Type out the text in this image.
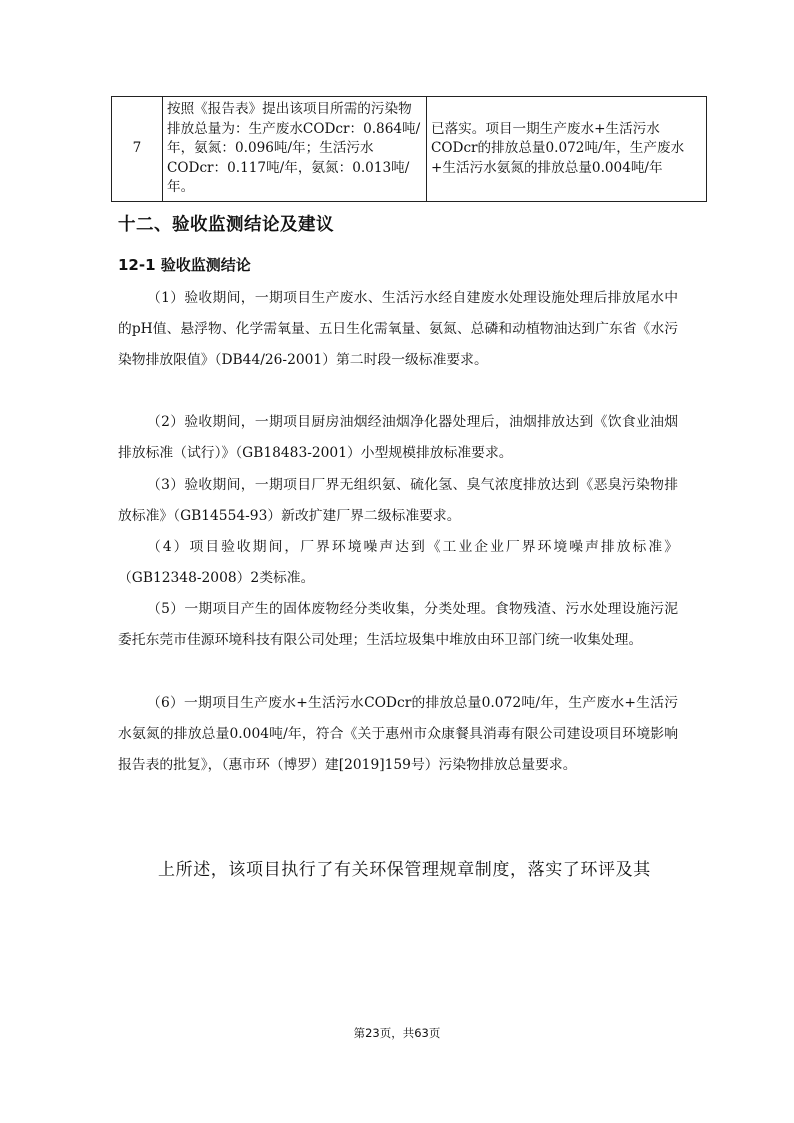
7	按照《报告表》提出该项目所需的污染物排放总量为：生产废水CODcr：0.864吨/年，氨氮：0.096吨/年；生活污水CODcr：0.117吨/年，氨氮：0.013吨/年。	已落实。项目一期生产废水+生活污水CODcr的排放总量0.072吨/年，生产废水+生活污水氨氮的排放总量0.004吨/年
十二、验收监测结论及建议
12-1 验收监测结论

（1）验收期间，一期项目生产废水、生活污水经自建废水处理设施处理后排放尾水中的pH值、悬浮物、化学需氧量、五日生化需氧量、氨氮、总磷和动植物油达到广东省《水污染物排放限值》（DB44/26-2001）第二时段一级标准要求。

（2）验收期间，一期项目厨房油烟经油烟净化器处理后，油烟排放达到《饮食业油烟排放标准（试行）》（GB18483-2001）小型规模排放标准要求。

（3）验收期间，一期项目厂界无组织氨、硫化氢、臭气浓度排放达到《恶臭污染物排放标准》（GB14554-93）新改扩建厂界二级标准要求。

（4）项目验收期间，厂界环境噪声达到《工业企业厂界环境噪声排放标准》（GB12348-2008）2类标准。

（5）一期项目产生的固体废物经分类收集，分类处理。食物残渣、污水处理设施污泥委托东莞市佳源环境科技有限公司处理；生活垃圾集中堆放由环卫部门统一收集处理。

（6）一期项目生产废水+生活污水CODcr的排放总量0.072吨/年，生产废水+生活污水氨氮的排放总量0.004吨/年，符合《关于惠州市众康餐具消毒有限公司建设项目环境影响报告表的批复》，（惠市环（博罗）建[2019]159号）污染物排放总量要求。

上所述，该项目执行了有关环保管理规章制度，落实了环评及其
第23页，共63页
